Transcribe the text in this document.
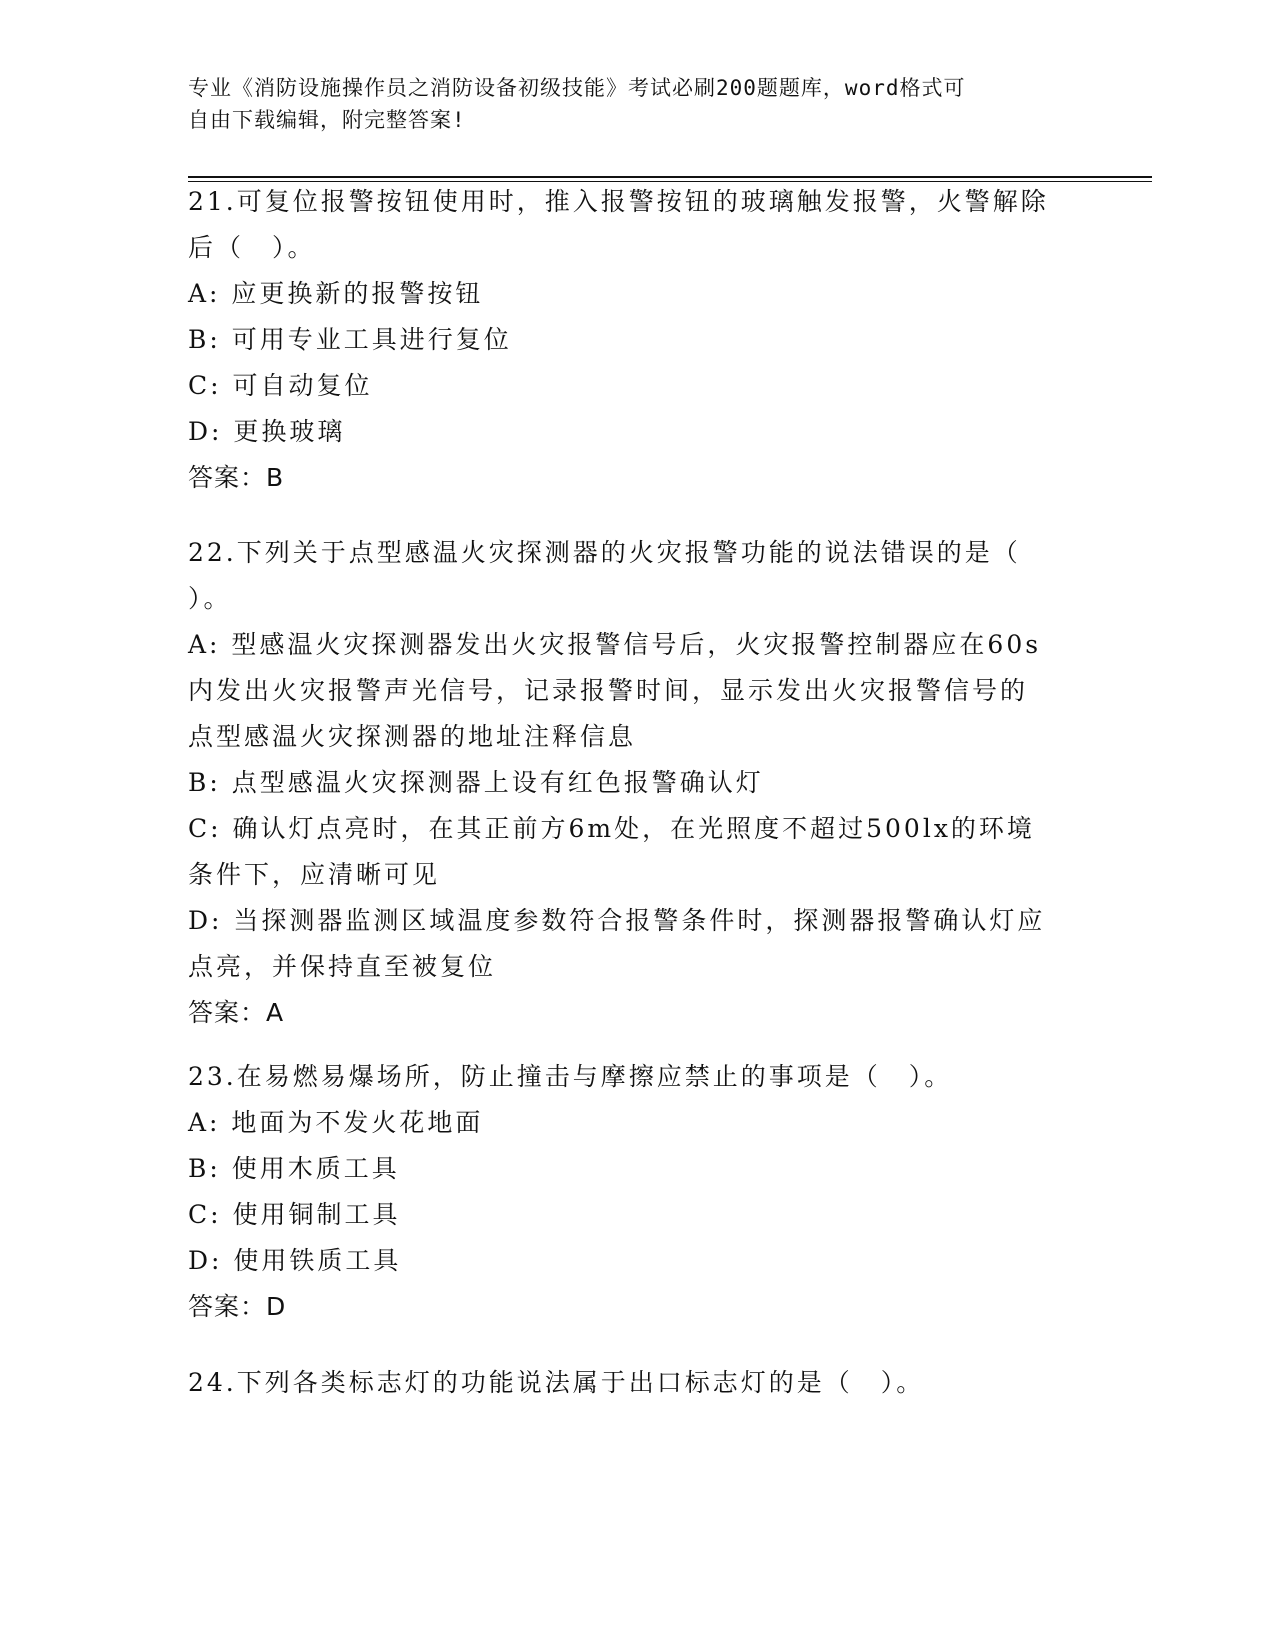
专业《消防设施操作员之消防设备初级技能》考试必刷200题题库，word格式可
自由下载编辑，附完整答案!
21.可复位报警按钮使用时，推入报警按钮的玻璃触发报警，火警解除
后（　）。
A: 应更换新的报警按钮
B: 可用专业工具进行复位
C: 可自动复位
D: 更换玻璃
答案：B
22.下列关于点型感温火灾探测器的火灾报警功能的说法错误的是（
）。
A: 型感温火灾探测器发出火灾报警信号后，火灾报警控制器应在60s
内发出火灾报警声光信号，记录报警时间，显示发出火灾报警信号的
点型感温火灾探测器的地址注释信息
B: 点型感温火灾探测器上设有红色报警确认灯
C: 确认灯点亮时，在其正前方6m处，在光照度不超过500lx的环境
条件下，应清晰可见
D: 当探测器监测区域温度参数符合报警条件时，探测器报警确认灯应
点亮，并保持直至被复位
答案：A
23.在易燃易爆场所，防止撞击与摩擦应禁止的事项是（　）。
A: 地面为不发火花地面
B: 使用木质工具
C: 使用铜制工具
D: 使用铁质工具
答案：D
24.下列各类标志灯的功能说法属于出口标志灯的是（　）。
